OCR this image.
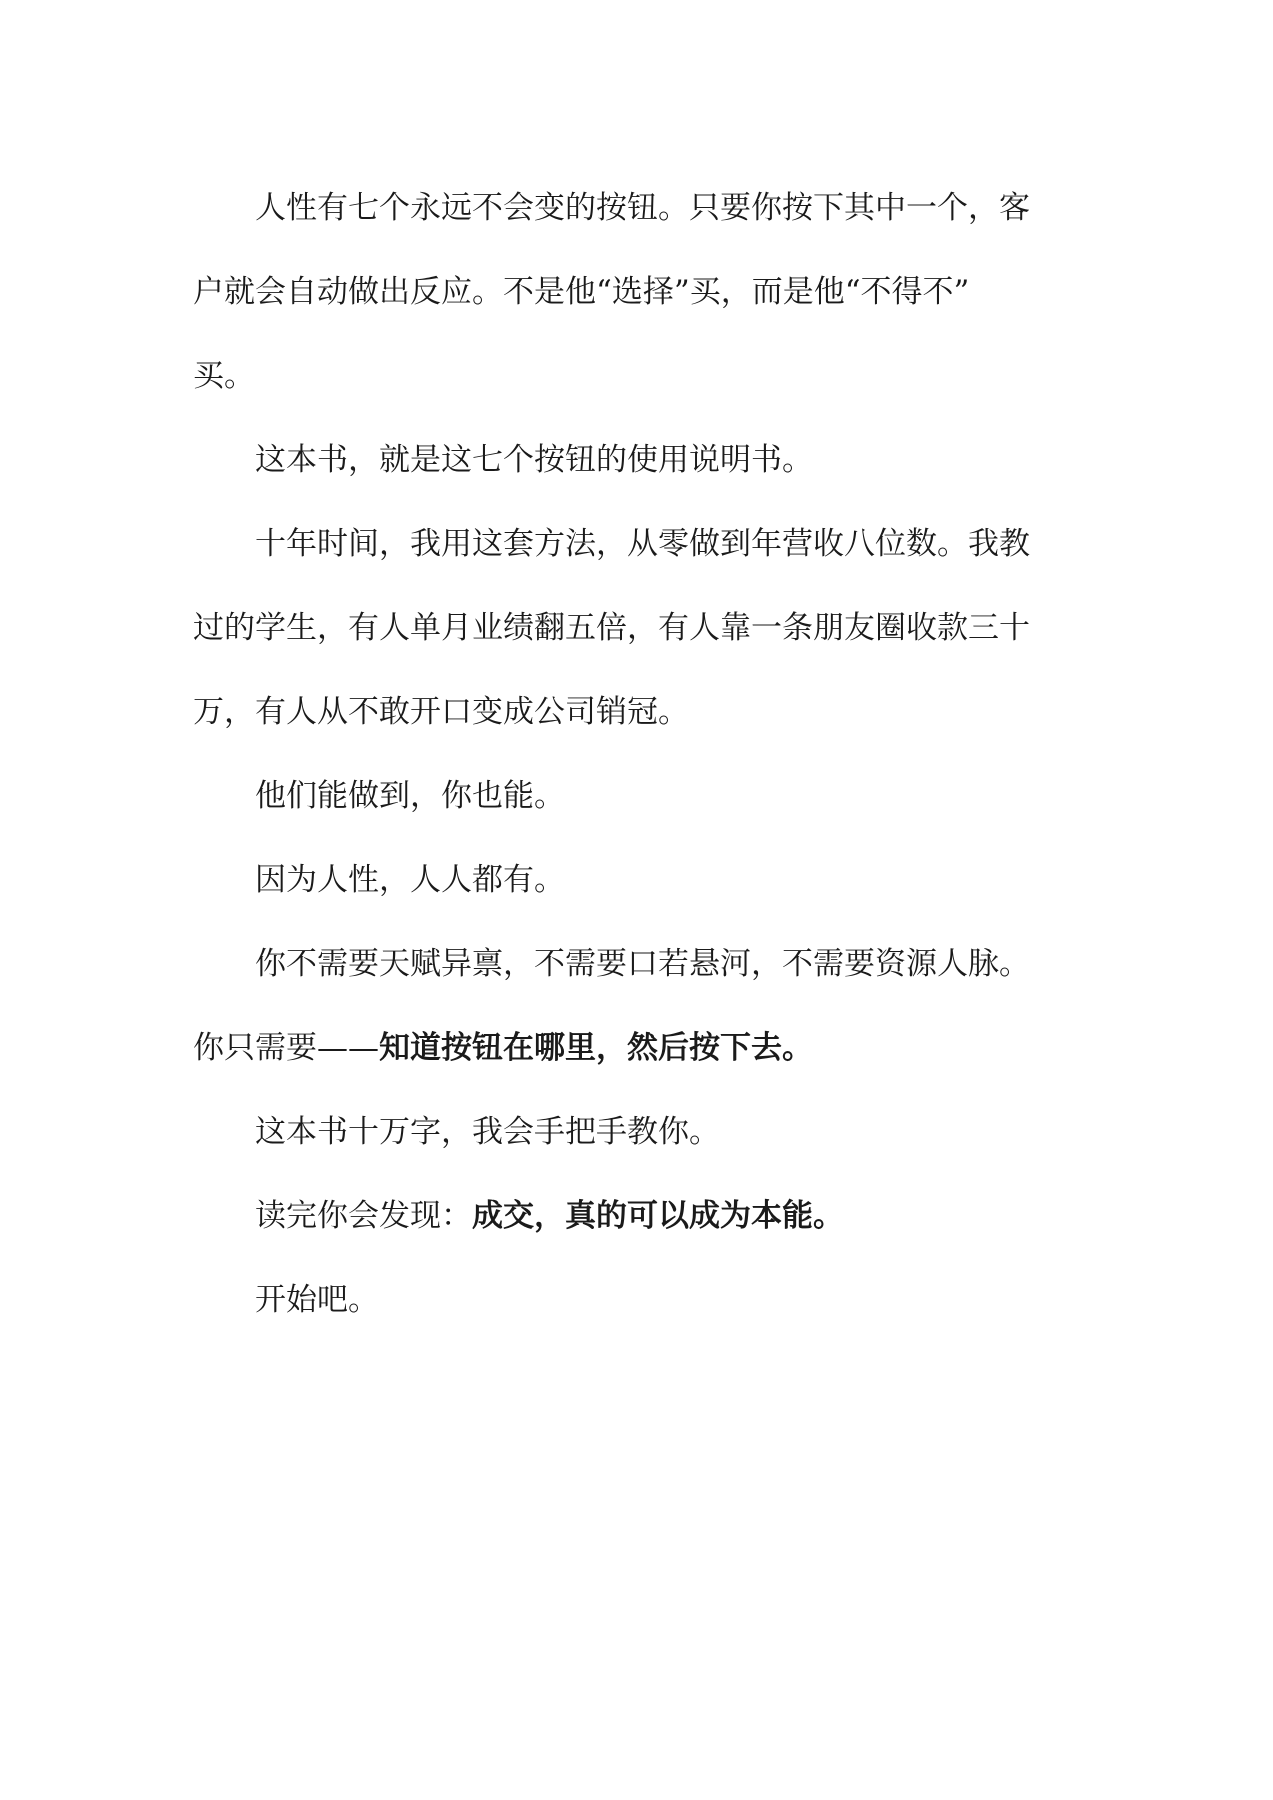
人性有七个永远不会变的按钮。只要你按下其中一个，客
户就会自动做出反应。不是他“选择”买，而是他“不得不”
买。

这本书，就是这七个按钮的使用说明书。

十年时间，我用这套方法，从零做到年营收八位数。我教
过的学生，有人单月业绩翻五倍，有人靠一条朋友圈收款三十
万，有人从不敢开口变成公司销冠。

他们能做到，你也能。

因为人性，人人都有。

你不需要天赋异禀，不需要口若悬河，不需要资源人脉。
你只需要——知道按钮在哪里，然后按下去。

这本书十万字，我会手把手教你。

读完你会发现：成交，真的可以成为本能。

开始吧。
